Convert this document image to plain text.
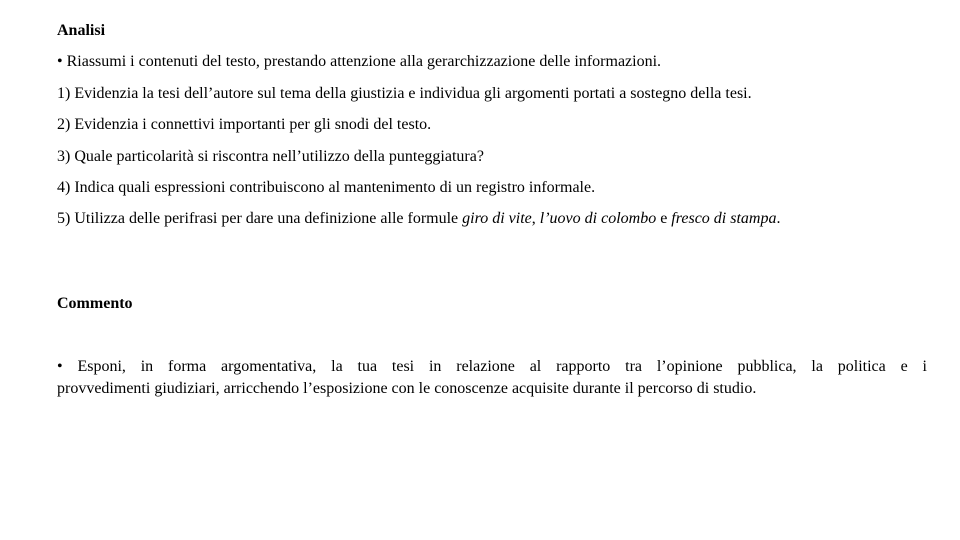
Analisi
• Riassumi i contenuti del testo, prestando attenzione alla gerarchizzazione delle informazioni.
1) Evidenzia la tesi dell’autore sul tema della giustizia e individua gli argomenti portati a sostegno della tesi.
2) Evidenzia i connettivi importanti per gli snodi del testo.
3) Quale particolarità si riscontra nell’utilizzo della punteggiatura?
4) Indica quali espressioni contribuiscono al mantenimento di un registro informale.
5) Utilizza delle perifrasi per dare una definizione alle formule giro di vite, l’uovo di colombo e fresco di stampa.
Commento
• Esponi, in forma argomentativa, la tua tesi in relazione al rapporto tra l’opinione pubblica, la politica e i
provvedimenti giudiziari, arricchendo l’esposizione con le conoscenze acquisite durante il percorso di studio.
